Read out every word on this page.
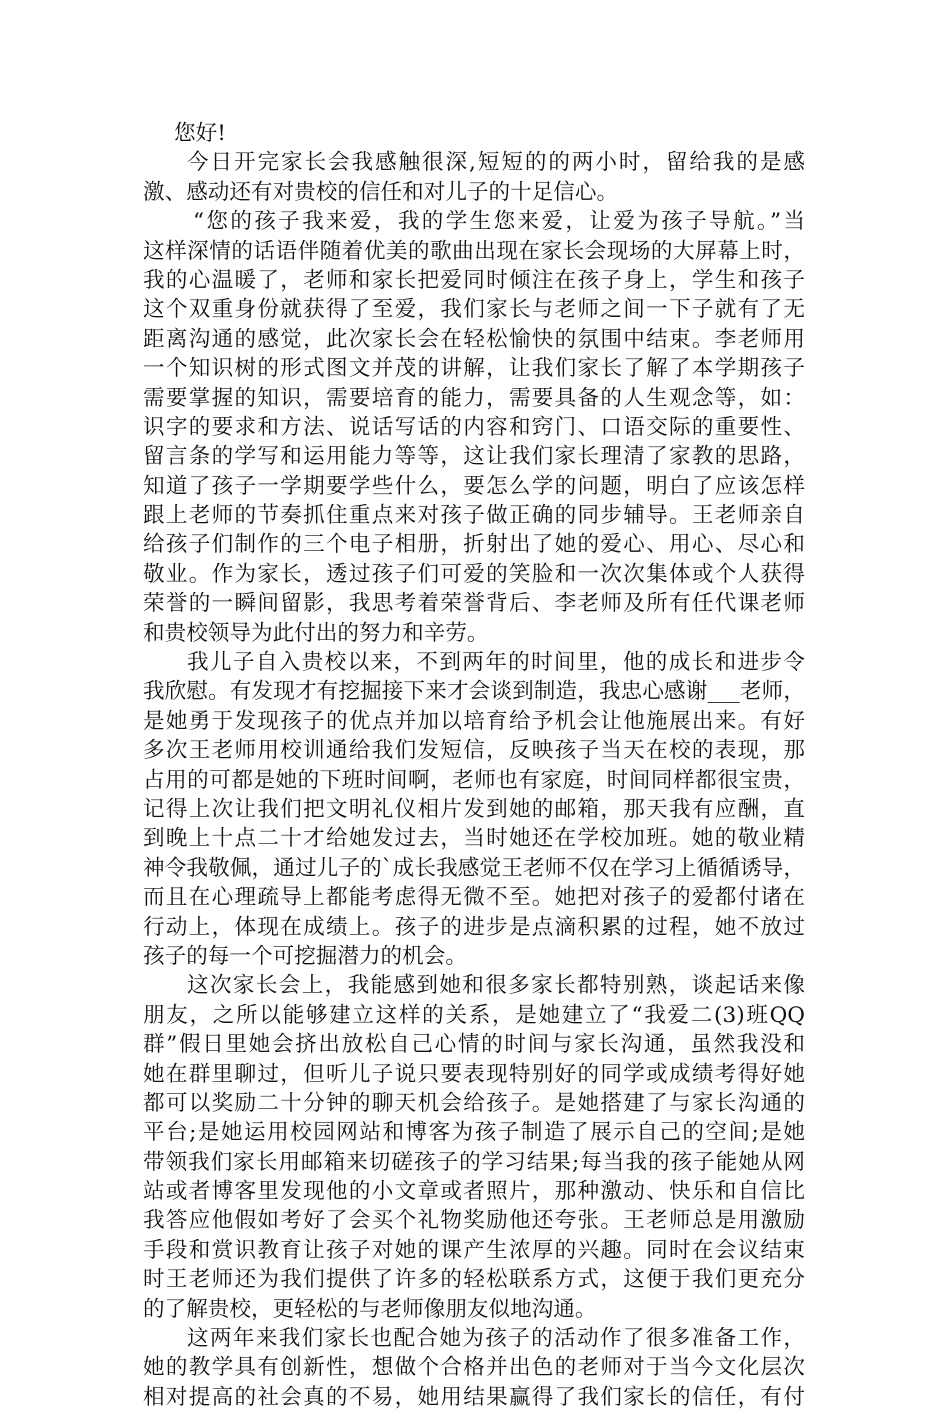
您好!
今日开完家长会我感触很深,短短的的两小时，留给我的是感
激、感动还有对贵校的信任和对儿子的十足信心。
“您的孩子我来爱，我的学生您来爱，让爱为孩子导航。”当
这样深情的话语伴随着优美的歌曲出现在家长会现场的大屏幕上时，
我的心温暖了，老师和家长把爱同时倾注在孩子身上，学生和孩子
这个双重身份就获得了至爱，我们家长与老师之间一下子就有了无
距离沟通的感觉，此次家长会在轻松愉快的氛围中结束。李老师用
一个知识树的形式图文并茂的讲解，让我们家长了解了本学期孩子
需要掌握的知识，需要培育的能力，需要具备的人生观念等，如：
识字的要求和方法、说话写话的内容和窍门、口语交际的重要性、
留言条的学写和运用能力等等，这让我们家长理清了家教的思路，
知道了孩子一学期要学些什么，要怎么学的问题，明白了应该怎样
跟上老师的节奏抓住重点来对孩子做正确的同步辅导。王老师亲自
给孩子们制作的三个电子相册，折射出了她的爱心、用心、尽心和
敬业。作为家长，透过孩子们可爱的笑脸和一次次集体或个人获得
荣誉的一瞬间留影，我思考着荣誉背后、李老师及所有任代课老师
和贵校领导为此付出的努力和辛劳。
我儿子自入贵校以来，不到两年的时间里，他的成长和进步令
我欣慰。有发现才有挖掘接下来才会谈到制造，我忠心感谢___老师，
是她勇于发现孩子的优点并加以培育给予机会让他施展出来。有好
多次王老师用校训通给我们发短信，反映孩子当天在校的表现，那
占用的可都是她的下班时间啊，老师也有家庭，时间同样都很宝贵，
记得上次让我们把文明礼仪相片发到她的邮箱，那天我有应酬，直
到晚上十点二十才给她发过去，当时她还在学校加班。她的敬业精
神令我敬佩，通过儿子的`成长我感觉王老师不仅在学习上循循诱导，
而且在心理疏导上都能考虑得无微不至。她把对孩子的爱都付诸在
行动上，体现在成绩上。孩子的进步是点滴积累的过程，她不放过
孩子的每一个可挖掘潜力的机会。
这次家长会上，我能感到她和很多家长都特别熟，谈起话来像
朋友，之所以能够建立这样的关系，是她建立了“我爱二(3)班QQ
群”假日里她会挤出放松自己心情的时间与家长沟通，虽然我没和
她在群里聊过，但听儿子说只要表现特别好的同学或成绩考得好她
都可以奖励二十分钟的聊天机会给孩子。是她搭建了与家长沟通的
平台;是她运用校园网站和博客为孩子制造了展示自己的空间;是她
带领我们家长用邮箱来切磋孩子的学习结果;每当我的孩子能她从网
站或者博客里发现他的小文章或者照片，那种激动、快乐和自信比
我答应他假如考好了会买个礼物奖励他还夸张。王老师总是用激励
手段和赏识教育让孩子对她的课产生浓厚的兴趣。同时在会议结束
时王老师还为我们提供了许多的轻松联系方式，这便于我们更充分
的了解贵校，更轻松的与老师像朋友似地沟通。
这两年来我们家长也配合她为孩子的活动作了很多准备工作，
她的教学具有创新性，想做个合格并出色的老师对于当今文化层次
相对提高的社会真的不易，她用结果赢得了我们家长的信任，有付
